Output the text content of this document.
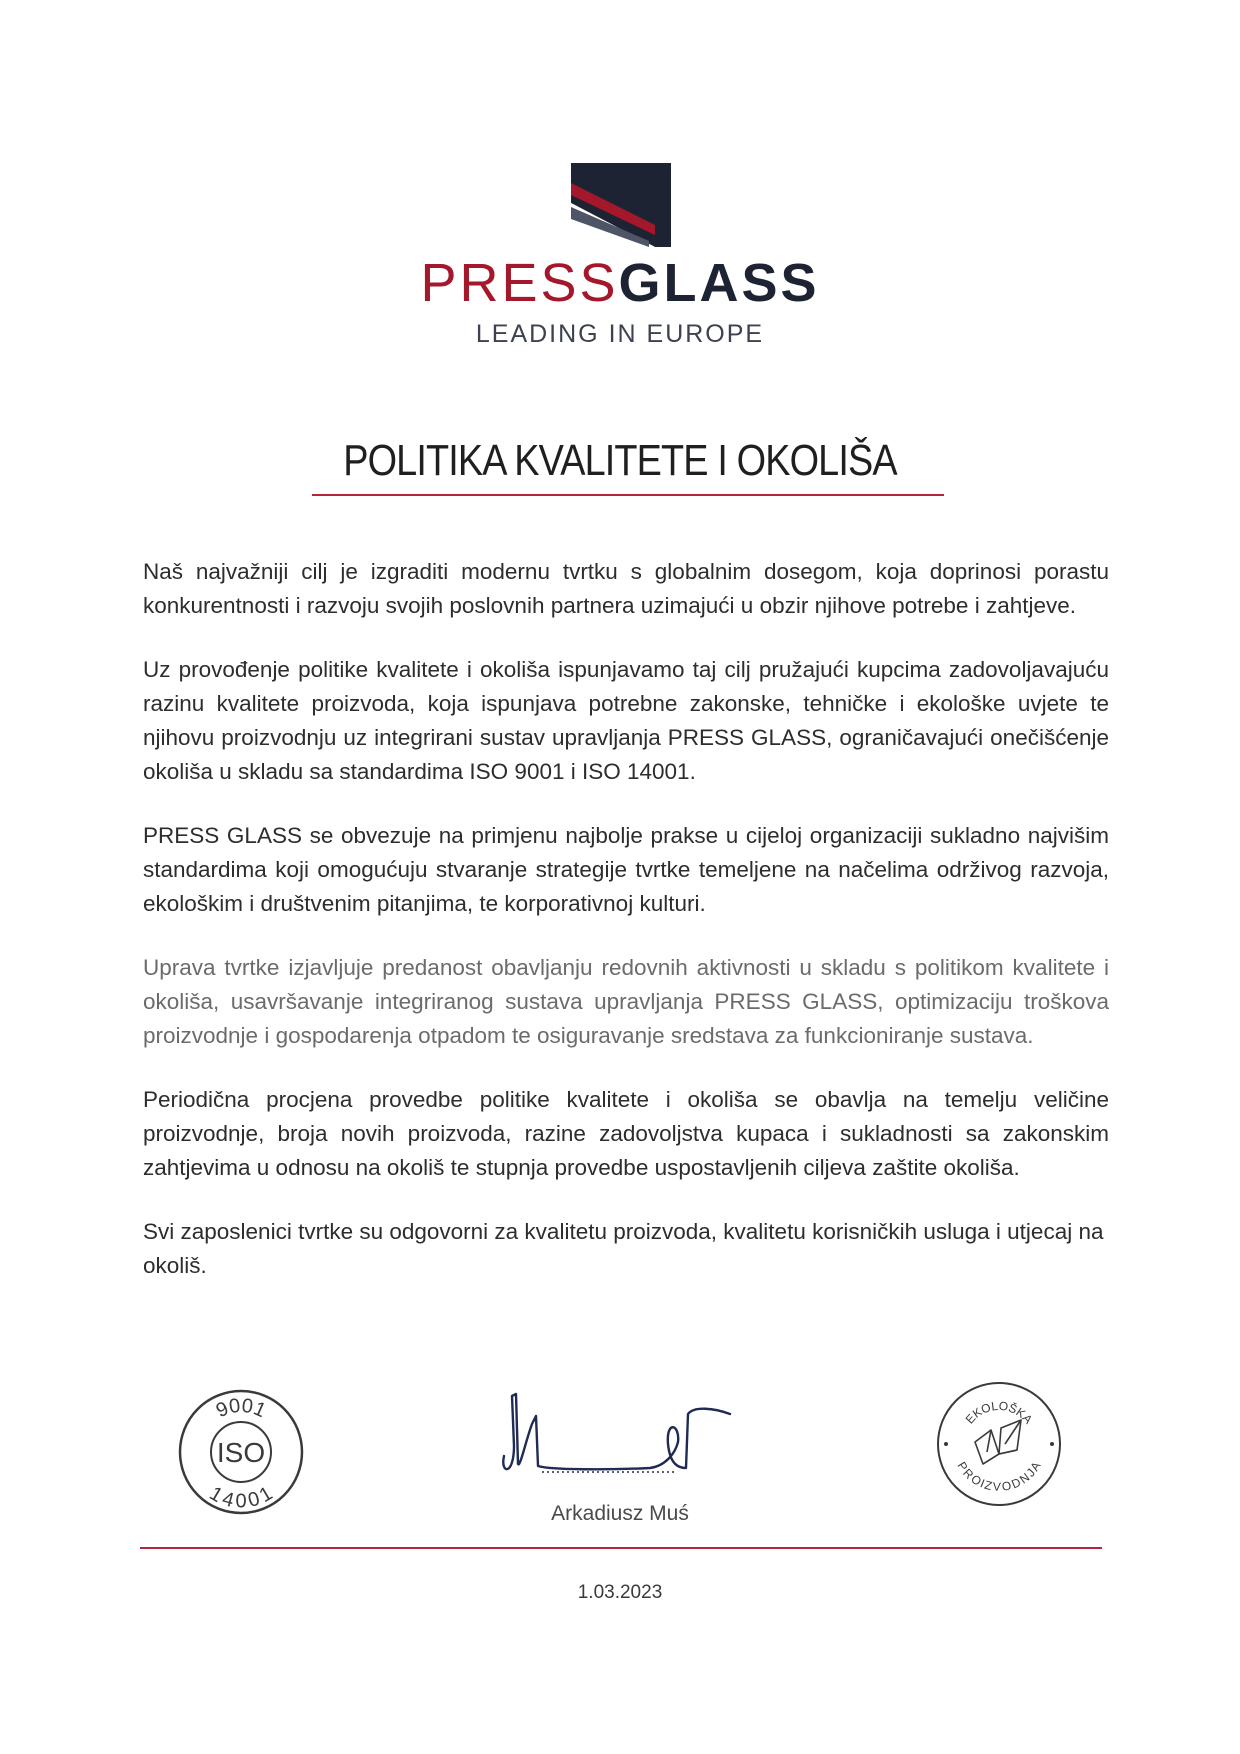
PRESSGLASS
LEADING IN EUROPE
POLITIKA KVALITETE I OKOLIŠA

Naš najvažniji cilj je izgraditi modernu tvrtku s globalnim dosegom, koja doprinosi porastu konkurentnosti i razvoju svojih poslovnih partnera uzimajući u obzir njihove potrebe i zahtjeve.

Uz provođenje politike kvalitete i okoliša ispunjavamo taj cilj pružajući kupcima zadovoljavajuću razinu kvalitete proizvoda, koja ispunjava potrebne zakonske, tehničke i ekološke uvjete te njihovu proizvodnju uz integrirani sustav upravljanja PRESS GLASS, ograničavajući onečišćenje okoliša u skladu sa standardima ISO 9001 i ISO 14001.

PRESS GLASS se obvezuje na primjenu najbolje prakse u cijeloj organizaciji sukladno najvišim standardima koji omogućuju stvaranje strategije tvrtke temeljene na načelima održivog razvoja, ekološkim i društvenim pitanjima, te korporativnoj kulturi.

Uprava tvrtke izjavljuje predanost obavljanju redovnih aktivnosti u skladu s politikom kvalitete i okoliša, usavršavanje integriranog sustava upravljanja PRESS GLASS, optimizaciju troškova proizvodnje i gospodarenja otpadom te osiguravanje sredstava za funkcioniranje sustava.

Periodična procjena provedbe politike kvalitete i okoliša se obavlja na temelju veličine proizvodnje, broja novih proizvoda, razine zadovoljstva kupaca i sukladnosti sa zakonskim zahtjevima u odnosu na okoliš te stupnja provedbe uspostavljenih ciljeva zaštite okoliša.

Svi zaposlenici tvrtke su odgovorni za kvalitetu proizvoda, kvalitetu korisničkih usluga i utjecaj na okoliš.

9001
ISO
14001
Arkadiusz Muś
EKOLOŠKA
PROIZVODNJA
1.03.2023
